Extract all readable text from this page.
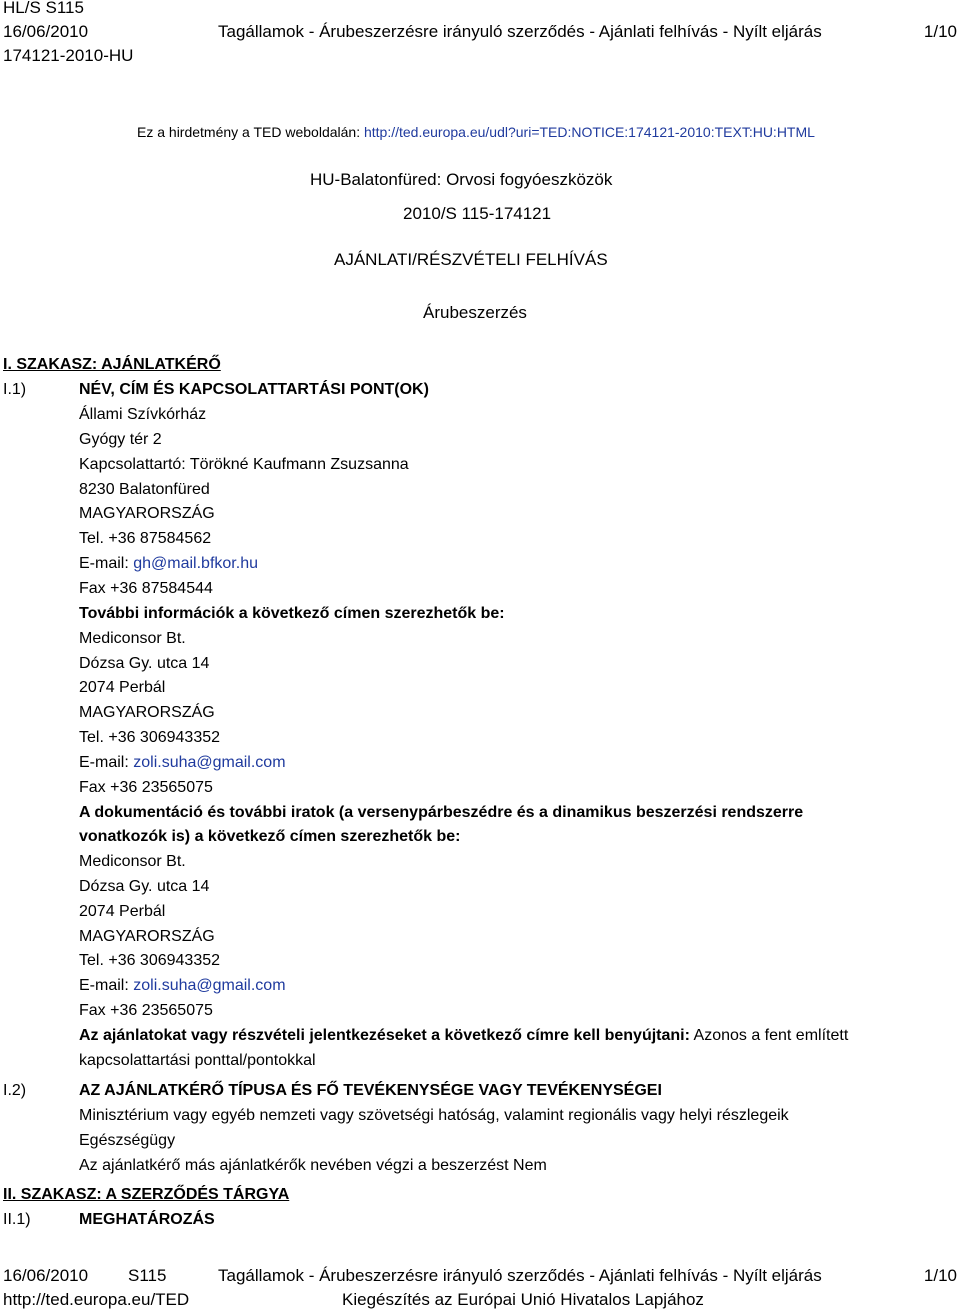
HL/S S115
16/06/2010	Tagállamok - Árubeszerzésre irányuló szerződés - Ajánlati felhívás - Nyílt eljárás	1/10
174121-2010-HU
Ez a hirdetmény a TED weboldalán: http://ted.europa.eu/udl?uri=TED:NOTICE:174121-2010:TEXT:HU:HTML
HU-Balatonfüred: Orvosi fogyóeszközök
2010/S 115-174121
AJÁNLATI/RÉSZVÉTELI FELHÍVÁS
Árubeszerzés
I. SZAKASZ: AJÁNLATKÉRŐ
I.1)	NÉV, CÍM ÉS KAPCSOLATTARTÁSI PONT(OK)
Állami Szívkórház
Gyógy tér 2
Kapcsolattartó: Törökné Kaufmann Zsuzsanna
8230 Balatonfüred
MAGYARORSZÁG
Tel. +36 87584562
E-mail: gh@mail.bfkor.hu
Fax +36 87584544
További információk a következő címen szerezhetők be:
Mediconsor Bt.
Dózsa Gy. utca 14
2074 Perbál
MAGYARORSZÁG
Tel. +36 306943352
E-mail: zoli.suha@gmail.com
Fax +36 23565075
A dokumentáció és további iratok (a versenypárbeszédre és a dinamikus beszerzési rendszerre
vonatkozók is) a következő címen szerezhetők be:
Mediconsor Bt.
Dózsa Gy. utca 14
2074 Perbál
MAGYARORSZÁG
Tel. +36 306943352
E-mail: zoli.suha@gmail.com
Fax +36 23565075
Az ajánlatokat vagy részvételi jelentkezéseket a következő címre kell benyújtani: Azonos a fent említett
kapcsolattartási ponttal/pontokkal
I.2)	AZ AJÁNLATKÉRŐ TÍPUSA ÉS FŐ TEVÉKENYSÉGE VAGY TEVÉKENYSÉGEI
Minisztérium vagy egyéb nemzeti vagy szövetségi hatóság, valamint regionális vagy helyi részlegeik
Egészségügy
Az ajánlatkérő más ajánlatkérők nevében végzi a beszerzést Nem
II. SZAKASZ: A SZERZŐDÉS TÁRGYA
II.1)	MEGHATÁROZÁS
16/06/2010 S115	Tagállamok - Árubeszerzésre irányuló szerződés - Ajánlati felhívás - Nyílt eljárás	1/10
http://ted.europa.eu/TED	Kiegészítés az Európai Unió Hivatalos Lapjához
